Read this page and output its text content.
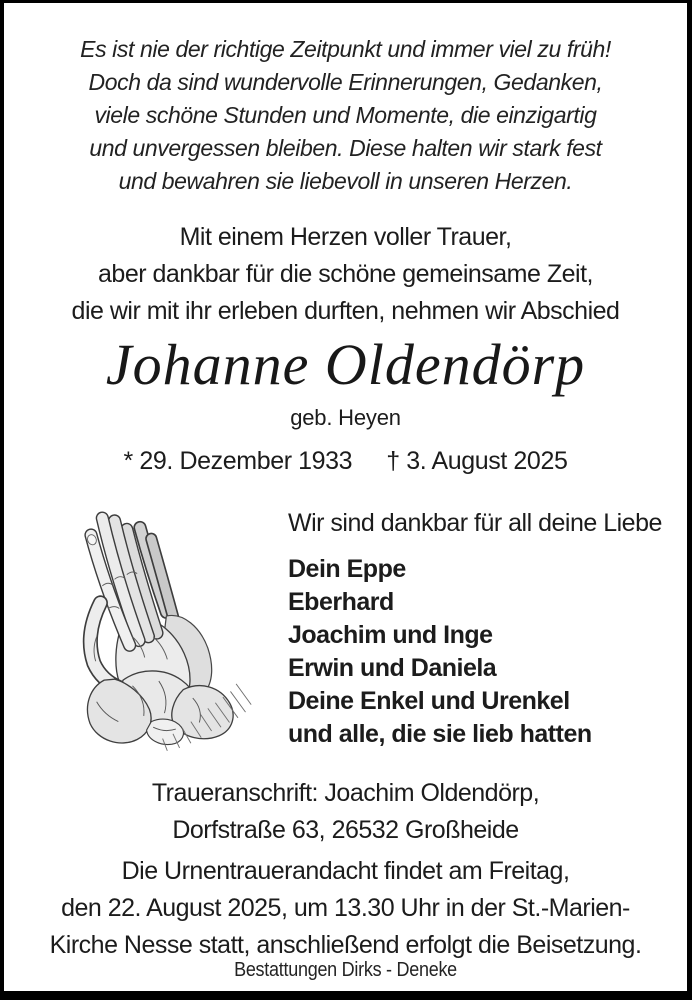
Es ist nie der richtige Zeitpunkt und immer viel zu früh!
Doch da sind wundervolle Erinnerungen, Gedanken,
viele schöne Stunden und Momente, die einzigartig
und unvergessen bleiben. Diese halten wir stark fest
und bewahren sie liebevoll in unseren Herzen.
Mit einem Herzen voller Trauer,
aber dankbar für die schöne gemeinsame Zeit,
die wir mit ihr erleben durften, nehmen wir Abschied
Johanne Oldendörp
geb. Heyen
* 29. Dezember 1933 † 3. August 2025
Wir sind dankbar für all deine Liebe
Dein Eppe
Eberhard
Joachim und Inge
Erwin und Daniela
Deine Enkel und Urenkel
und alle, die sie lieb hatten
Traueranschrift: Joachim Oldendörp,
Dorfstraße 63, 26532 Großheide
Die Urnentrauerandacht findet am Freitag,
den 22. August 2025, um 13.30 Uhr in der St.-Marien-
Kirche Nesse statt, anschließend erfolgt die Beisetzung.
Bestattungen Dirks - Deneke
